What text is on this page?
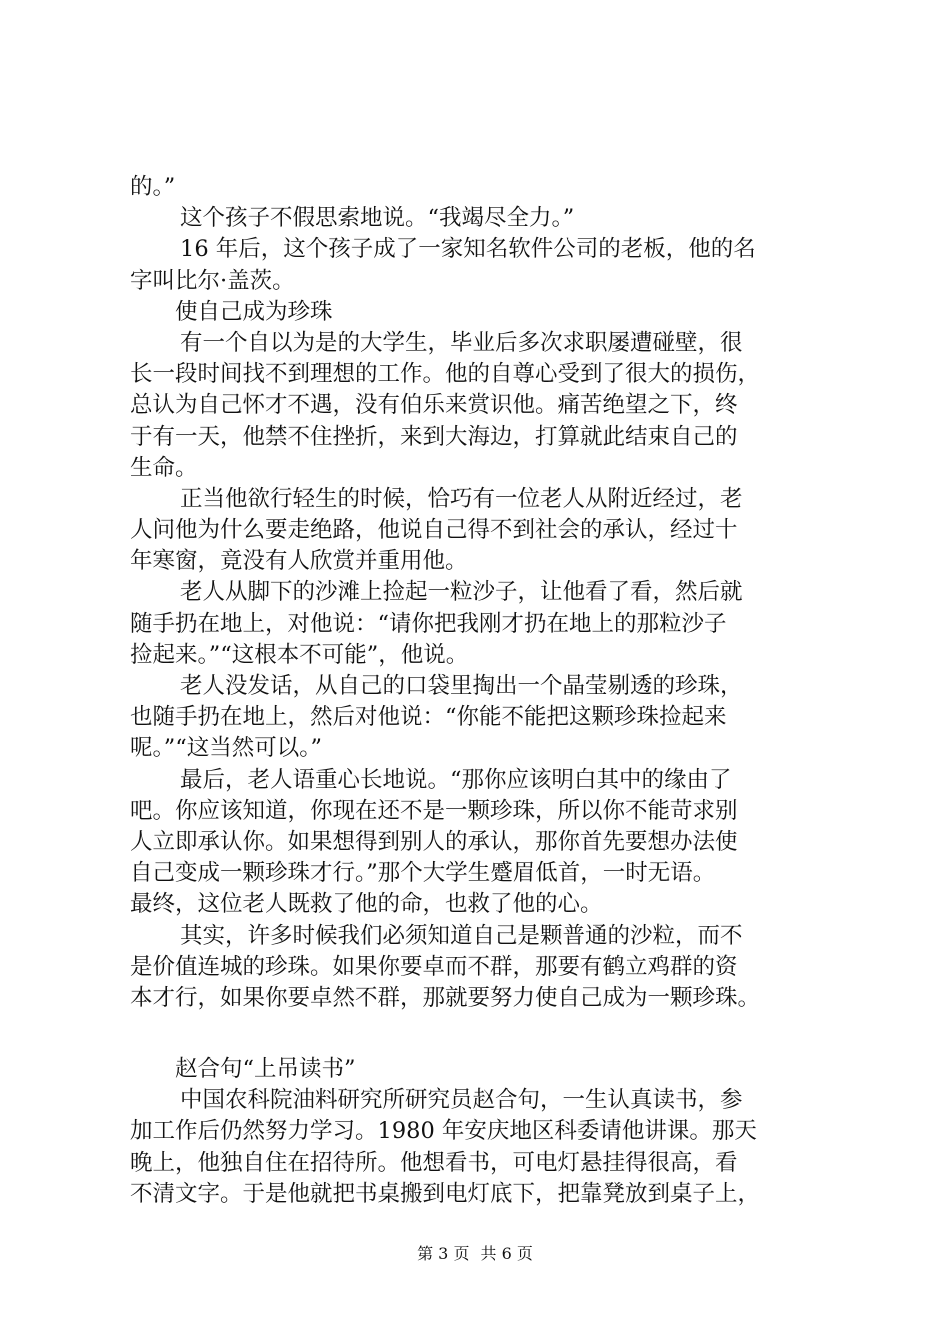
的。”
这个孩子不假思索地说。“我竭尽全力。”
16 年后，这个孩子成了一家知名软件公司的老板，他的名
字叫比尔·盖茨。
使自己成为珍珠
有一个自以为是的大学生，毕业后多次求职屡遭碰壁，很
长一段时间找不到理想的工作。他的自尊心受到了很大的损伤，
总认为自己怀才不遇，没有伯乐来赏识他。痛苦绝望之下，终
于有一天，他禁不住挫折，来到大海边，打算就此结束自己的
生命。
正当他欲行轻生的时候，恰巧有一位老人从附近经过，老
人问他为什么要走绝路，他说自己得不到社会的承认，经过十
年寒窗，竟没有人欣赏并重用他。
老人从脚下的沙滩上捡起一粒沙子，让他看了看，然后就
随手扔在地上，对他说：“请你把我刚才扔在地上的那粒沙子
捡起来。”“这根本不可能”，他说。
老人没发话，从自己的口袋里掏出一个晶莹剔透的珍珠，
也随手扔在地上，然后对他说：“你能不能把这颗珍珠捡起来
呢。”“这当然可以。”
最后，老人语重心长地说。“那你应该明白其中的缘由了
吧。你应该知道，你现在还不是一颗珍珠，所以你不能苛求别
人立即承认你。如果想得到别人的承认，那你首先要想办法使
自己变成一颗珍珠才行。”那个大学生蹙眉低首，一时无语。
最终，这位老人既救了他的命，也救了他的心。
其实，许多时候我们必须知道自己是颗普通的沙粒，而不
是价值连城的珍珠。如果你要卓而不群，那要有鹤立鸡群的资
本才行，如果你要卓然不群，那就要努力使自己成为一颗珍珠。
赵合句“上吊读书”
中国农科院油料研究所研究员赵合句，一生认真读书，参
加工作后仍然努力学习。1980 年安庆地区科委请他讲课。那天
晚上，他独自住在招待所。他想看书，可电灯悬挂得很高，看
不清文字。于是他就把书桌搬到电灯底下，把靠凳放到桌子上，
第 3 页 共 6 页
